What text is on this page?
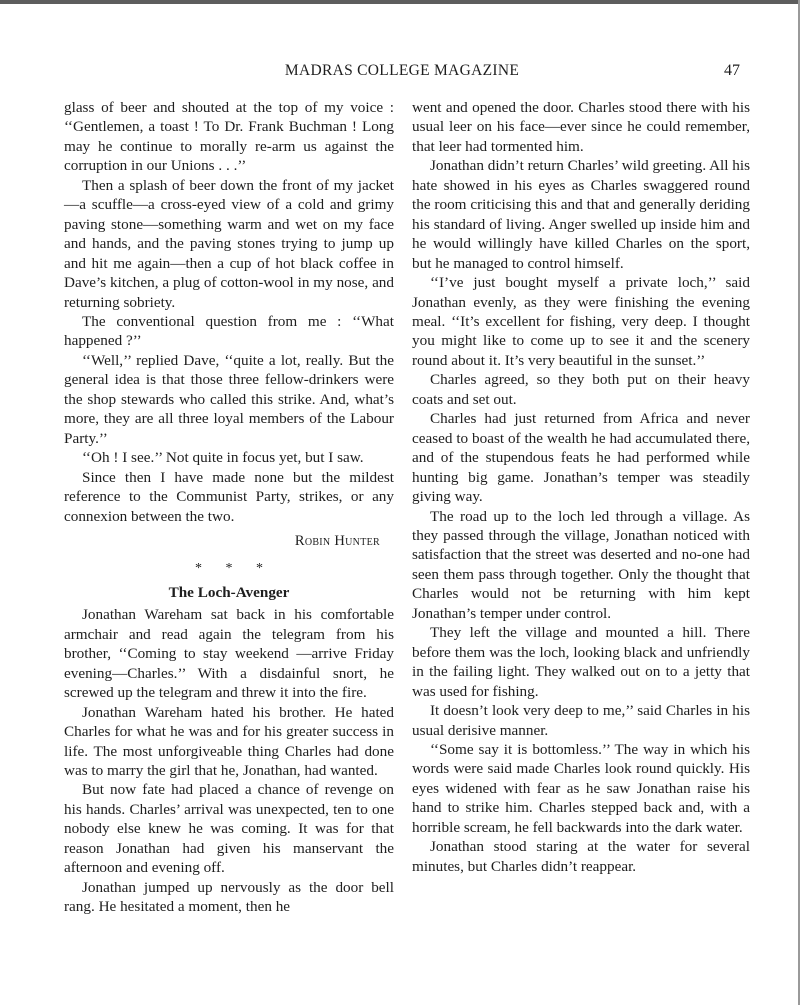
MADRAS COLLEGE MAGAZINE	47

glass of beer and shouted at the top of my voice : ‘‘Gentlemen, a toast ! To Dr. Frank Buchman ! Long may he continue to morally re-arm us against the corruption in our Unions . . .’’

Then a splash of beer down the front of my jacket—a scuffle—a cross-eyed view of a cold and grimy paving stone—something warm and wet on my face and hands, and the paving stones trying to jump up and hit me again—then a cup of hot black coffee in Dave’s kitchen, a plug of cotton-wool in my nose, and returning sobriety.

The conventional question from me : ‘‘What happened ?’’

‘‘Well,’’ replied Dave, ‘‘quite a lot, really. But the general idea is that those three fellow-drinkers were the shop stewards who called this strike. And, what’s more, they are all three loyal members of the Labour Party.’’

‘‘Oh ! I see.’’ Not quite in focus yet, but I saw.

Since then I have made none but the mildest reference to the Communist Party, strikes, or any connexion between the two.

Robin Hunter
* * *
The Loch-Avenger

Jonathan Wareham sat back in his comfortable armchair and read again the telegram from his brother, ‘‘Coming to stay weekend —arrive Friday evening—Charles.’’ With a disdainful snort, he screwed up the telegram and threw it into the fire.

Jonathan Wareham hated his brother. He hated Charles for what he was and for his greater success in life. The most unforgiveable thing Charles had done was to marry the girl that he, Jonathan, had wanted.

But now fate had placed a chance of revenge on his hands. Charles’ arrival was unexpected, ten to one nobody else knew he was coming. It was for that reason Jonathan had given his manservant the afternoon and evening off.

Jonathan jumped up nervously as the door bell rang. He hesitated a moment, then he

went and opened the door. Charles stood there with his usual leer on his face—ever since he could remember, that leer had tormented him.

Jonathan didn’t return Charles’ wild greeting. All his hate showed in his eyes as Charles swaggered round the room criticising this and that and generally deriding his standard of living. Anger swelled up inside him and he would willingly have killed Charles on the sport, but he managed to control himself.

‘‘I’ve just bought myself a private loch,’’ said Jonathan evenly, as they were finishing the evening meal. ‘‘It’s excellent for fishing, very deep. I thought you might like to come up to see it and the scenery round about it. It’s very beautiful in the sunset.’’

Charles agreed, so they both put on their heavy coats and set out.

Charles had just returned from Africa and never ceased to boast of the wealth he had accumulated there, and of the stupendous feats he had performed while hunting big game. Jonathan’s temper was steadily giving way.

The road up to the loch led through a village. As they passed through the village, Jonathan noticed with satisfaction that the street was deserted and no-one had seen them pass through together. Only the thought that Charles would not be returning with him kept Jonathan’s temper under control.

They left the village and mounted a hill. There before them was the loch, looking black and unfriendly in the failing light. They walked out on to a jetty that was used for fishing.

It doesn’t look very deep to me,’’ said Charles in his usual derisive manner.

‘‘Some say it is bottomless.’’ The way in which his words were said made Charles look round quickly. His eyes widened with fear as he saw Jonathan raise his hand to strike him. Charles stepped back and, with a horrible scream, he fell backwards into the dark water.

Jonathan stood staring at the water for several minutes, but Charles didn’t reappear.
